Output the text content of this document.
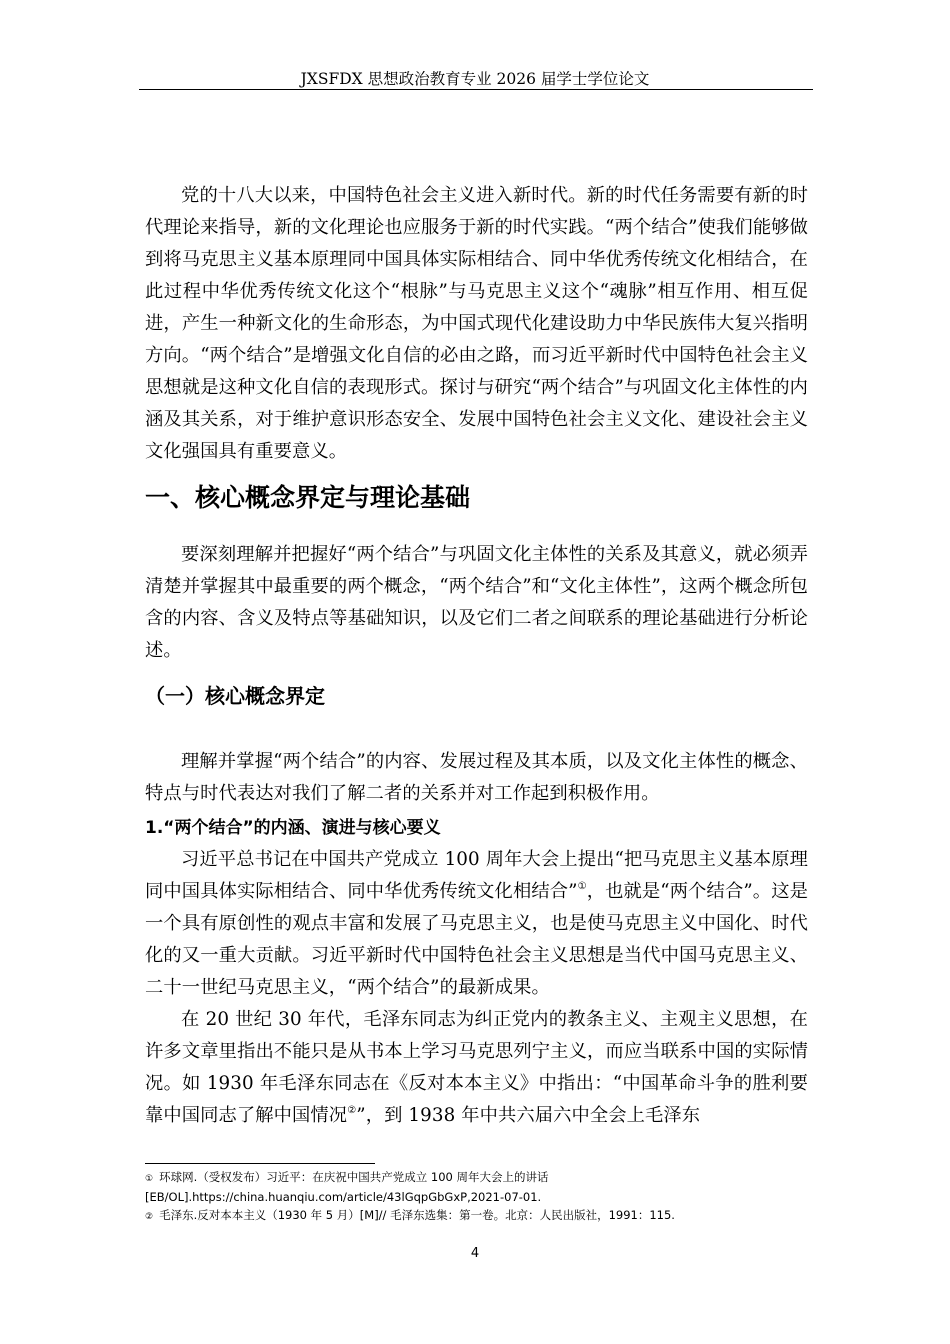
JXSFDX 思想政治教育专业 2026 届学士学位论文

党的十八大以来，中国特色社会主义进入新时代。新的时代任务需要有新的时代理论来指导，新的文化理论也应服务于新的时代实践。“两个结合”使我们能够做到将马克思主义基本原理同中国具体实际相结合、同中华优秀传统文化相结合，在此过程中华优秀传统文化这个“根脉”与马克思主义这个“魂脉”相互作用、相互促进，产生一种新文化的生命形态，为中国式现代化建设助力中华民族伟大复兴指明方向。“两个结合”是增强文化自信的必由之路，而习近平新时代中国特色社会主义思想就是这种文化自信的表现形式。探讨与研究“两个结合”与巩固文化主体性的内涵及其关系，对于维护意识形态安全、发展中国特色社会主义文化、建设社会主义文化强国具有重要意义。

一、核心概念界定与理论基础

要深刻理解并把握好“两个结合”与巩固文化主体性的关系及其意义，就必须弄清楚并掌握其中最重要的两个概念，“两个结合”和“文化主体性”，这两个概念所包含的内容、含义及特点等基础知识，以及它们二者之间联系的理论基础进行分析论述。

（一）核心概念界定

理解并掌握“两个结合”的内容、发展过程及其本质，以及文化主体性的概念、特点与时代表达对我们了解二者的关系并对工作起到积极作用。

1.“两个结合”的内涵、演进与核心要义

习近平总书记在中国共产党成立 100 周年大会上提出“把马克思主义基本原理同中国具体实际相结合、同中华优秀传统文化相结合”①，也就是“两个结合”。这是一个具有原创性的观点丰富和发展了马克思主义，也是使马克思主义中国化、时代化的又一重大贡献。习近平新时代中国特色社会主义思想是当代中国马克思主义、二十一世纪马克思主义，“两个结合”的最新成果。

在 20 世纪 30 年代，毛泽东同志为纠正党内的教条主义、主观主义思想，在许多文章里指出不能只是从书本上学习马克思列宁主义，而应当联系中国的实际情况。如 1930 年毛泽东同志在《反对本本主义》中指出：“中国革命斗争的胜利要靠中国同志了解中国情况②”，到 1938 年中共六届六中全会上毛泽东

① 环球网.（受权发布）习近平：在庆祝中国共产党成立 100 周年大会上的讲话[EB/OL].https://china.huanqiu.com/article/43lGqpGbGxP,2021-07-01.

② 毛泽东.反对本本主义（1930 年 5 月）[M]// 毛泽东选集：第一卷。北京：人民出版社，1991：115.

4
